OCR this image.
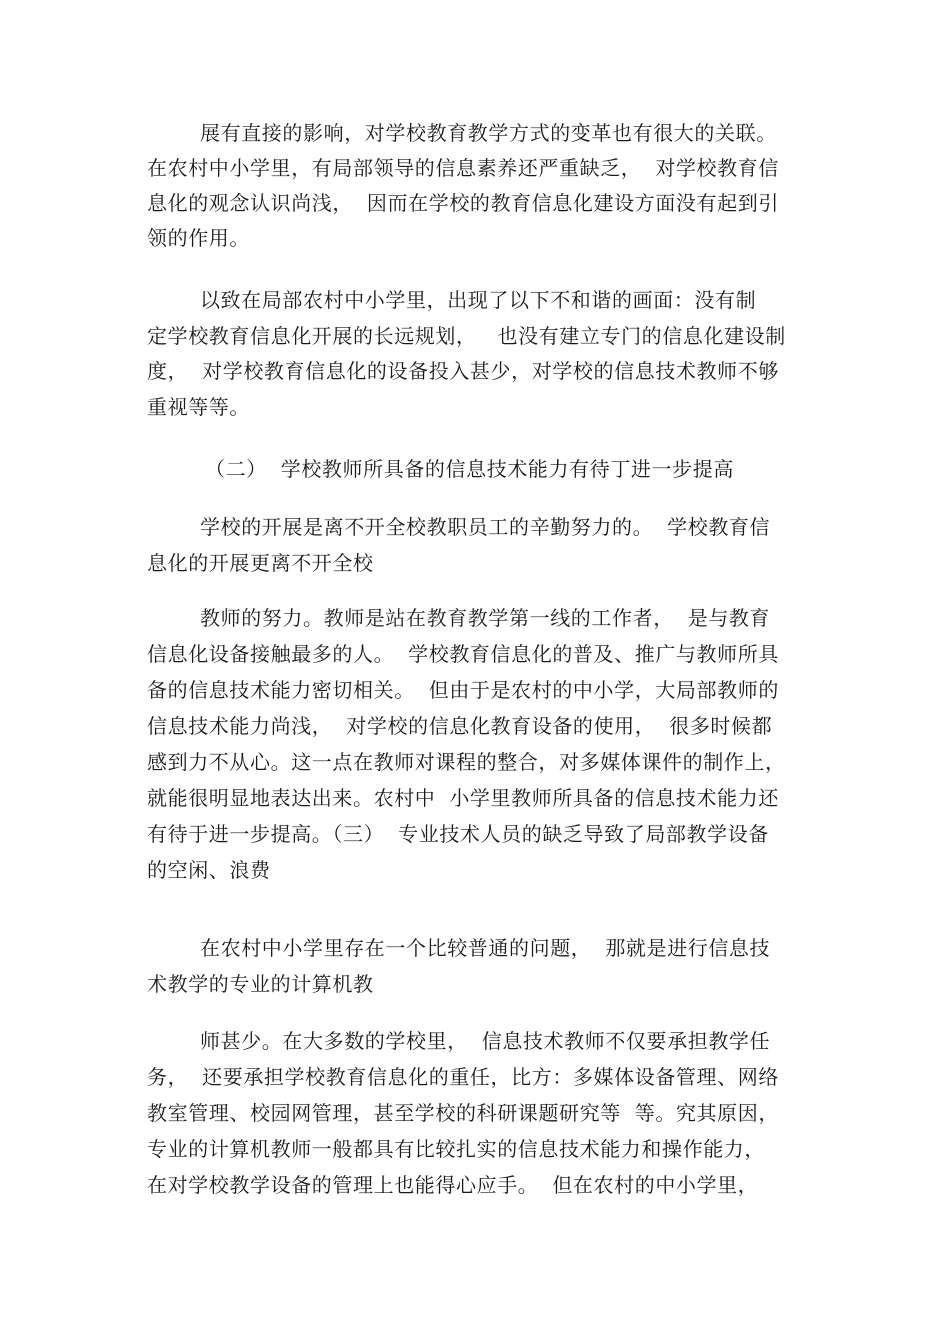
展有直接的影响，对学校教育教学方式的变革也有很大的关联。
在农村中小学里，有局部领导的信息素养还严重缺乏，  对学校教育信
息化的观念认识尚浅，  因而在学校的教育信息化建设方面没有起到引
领的作用。
以致在局部农村中小学里，出现了以下不和谐的画面：没有制
定学校教育信息化开展的长远规划，   也没有建立专门的信息化建设制
度，  对学校教育信息化的设备投入甚少，对学校的信息技术教师不够
重视等等。
（二）  学校教师所具备的信息技术能力有待丁进一步提高
学校的开展是离不开全校教职员工的辛勤努力的。  学校教育信
息化的开展更离不开全校
教师的努力。教师是站在教育教学第一线的工作者，  是与教育
信息化设备接触最多的人。  学校教育信息化的普及、推广与教师所具
备的信息技术能力密切相关。  但由于是农村的中小学，大局部教师的
信息技术能力尚浅，  对学校的信息化教育设备的使用，  很多时候都
感到力不从心。这一点在教师对课程的整合，对多媒体课件的制作上，
就能很明显地表达出来。农村中  小学里教师所具备的信息技术能力还
有待于进一步提高。（三）  专业技术人员的缺乏导致了局部教学设备
的空闲、浪费
在农村中小学里存在一个比较普通的问题，  那就是进行信息技
术教学的专业的计算机教
师甚少。在大多数的学校里，  信息技术教师不仅要承担教学任
务，  还要承担学校教育信息化的重任，比方：多媒体设备管理、网络
教室管理、校园网管理，甚至学校的科研课题研究等  等。究其原因，
专业的计算机教师一般都具有比较扎实的信息技术能力和操作能力，
在对学校教学设备的管理上也能得心应手。  但在农村的中小学里，
